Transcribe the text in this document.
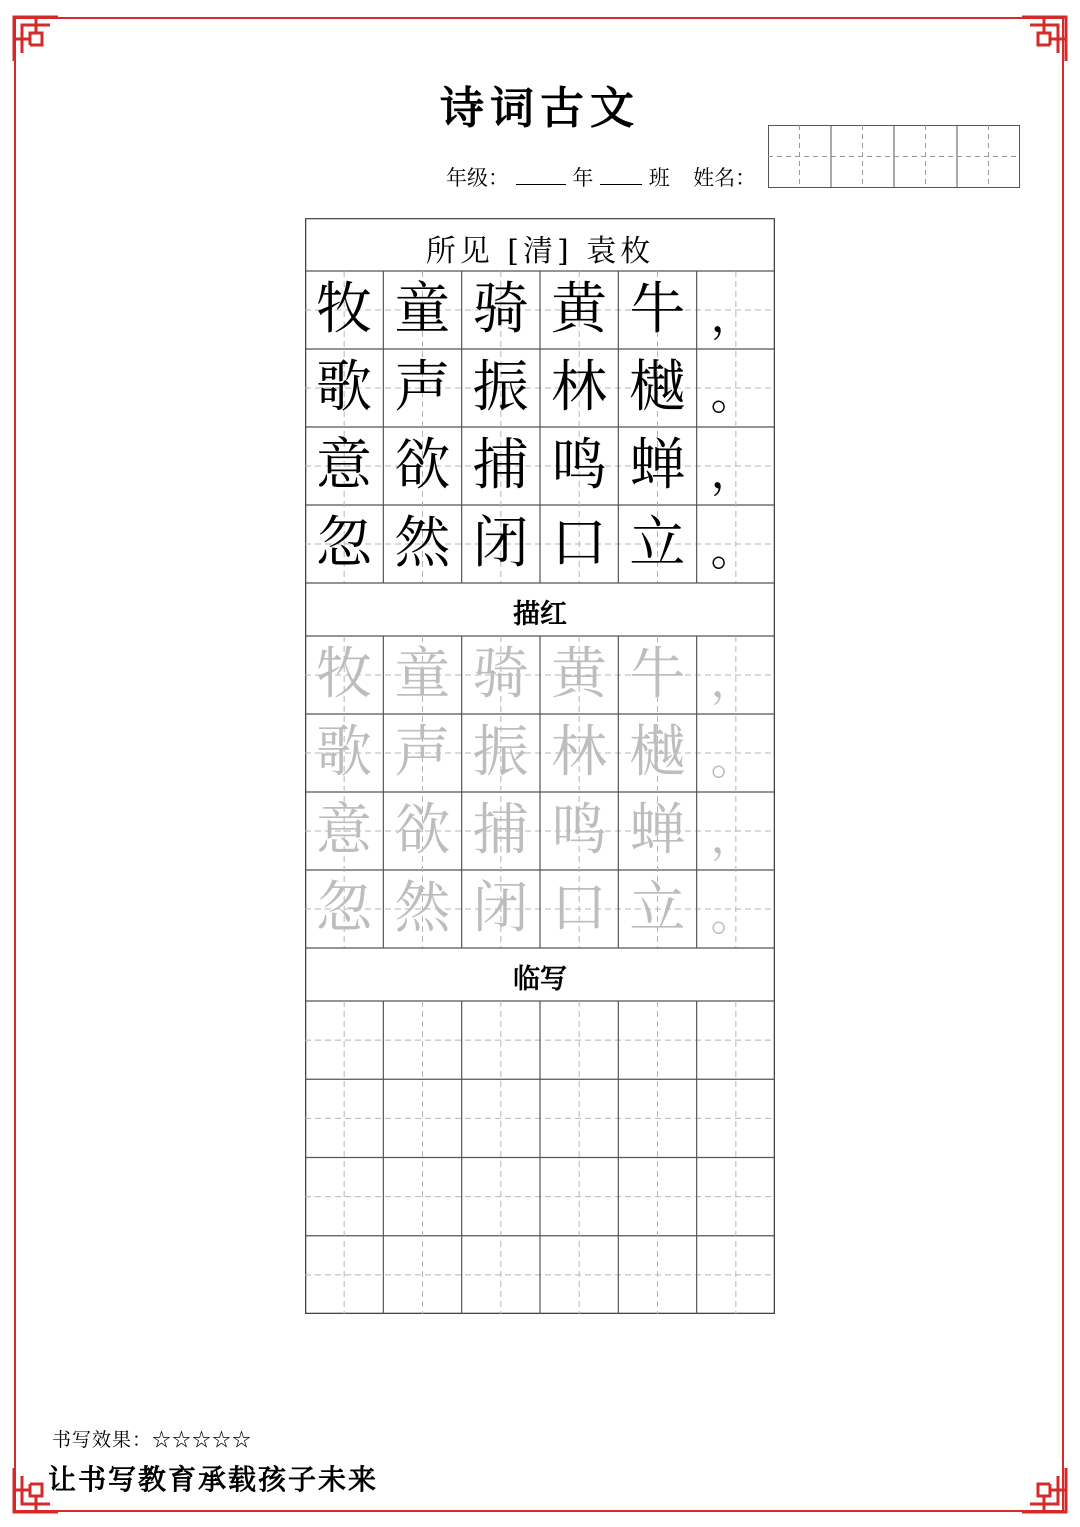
诗词古文
年级：	年	班 姓名：
所见 [清] 袁枚
牧 童 骑 黄 牛 ，
歌 声 振 林 樾 。
意 欲 捕 鸣 蝉 ，
忽 然 闭 口 立 。
描红
牧 童 骑 黄 牛 ，
歌 声 振 林 樾 。
意 欲 捕 鸣 蝉 ，
忽 然 闭 口 立 。
临写
书写效果：☆☆☆☆☆
让书写教育承载孩子未来
